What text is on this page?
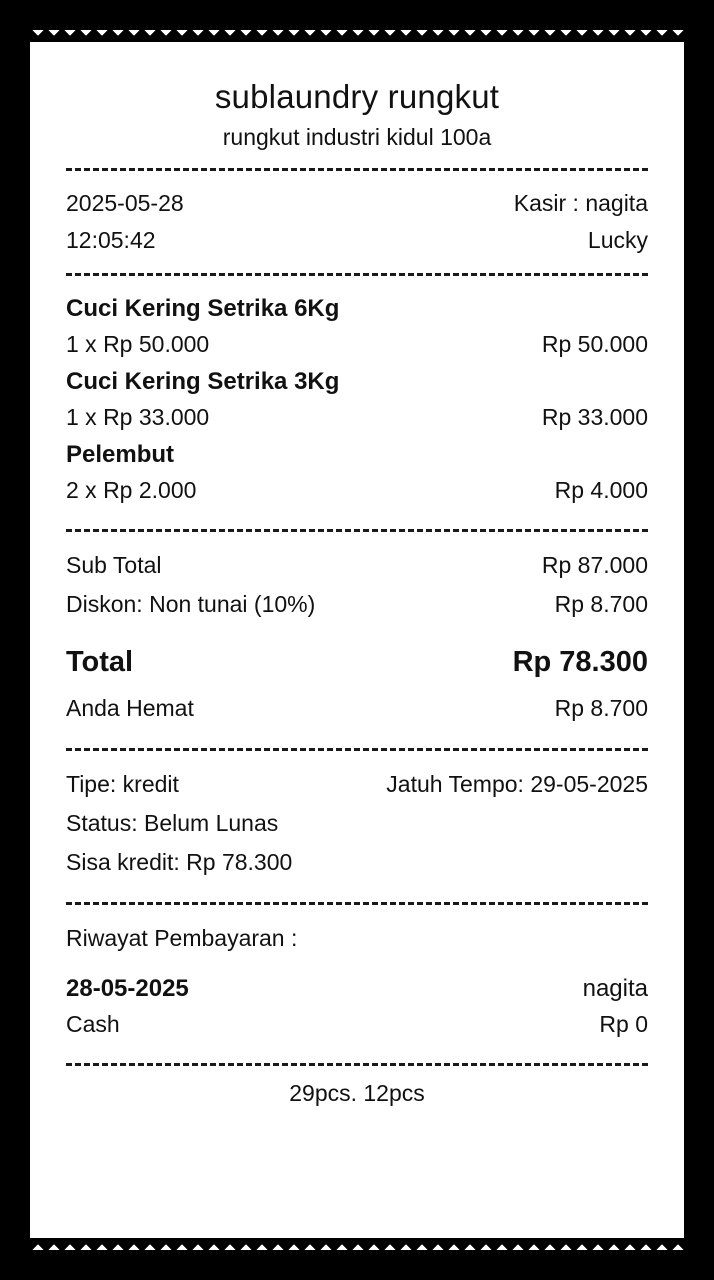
sublaundry rungkut
rungkut industri kidul 100a
2025-05-28	Kasir : nagita
12:05:42	Lucky
Cuci Kering Setrika 6Kg
1 x Rp 50.000	Rp 50.000
Cuci Kering Setrika 3Kg
1 x Rp 33.000	Rp 33.000
Pelembut
2 x Rp 2.000	Rp 4.000
Sub Total	Rp 87.000
Diskon: Non tunai (10%)	Rp 8.700
Total	Rp 78.300
Anda Hemat	Rp 8.700
Tipe: kredit	Jatuh Tempo: 29-05-2025
Status: Belum Lunas
Sisa kredit: Rp 78.300
Riwayat Pembayaran :
28-05-2025	nagita
Cash	Rp 0
29pcs. 12pcs
